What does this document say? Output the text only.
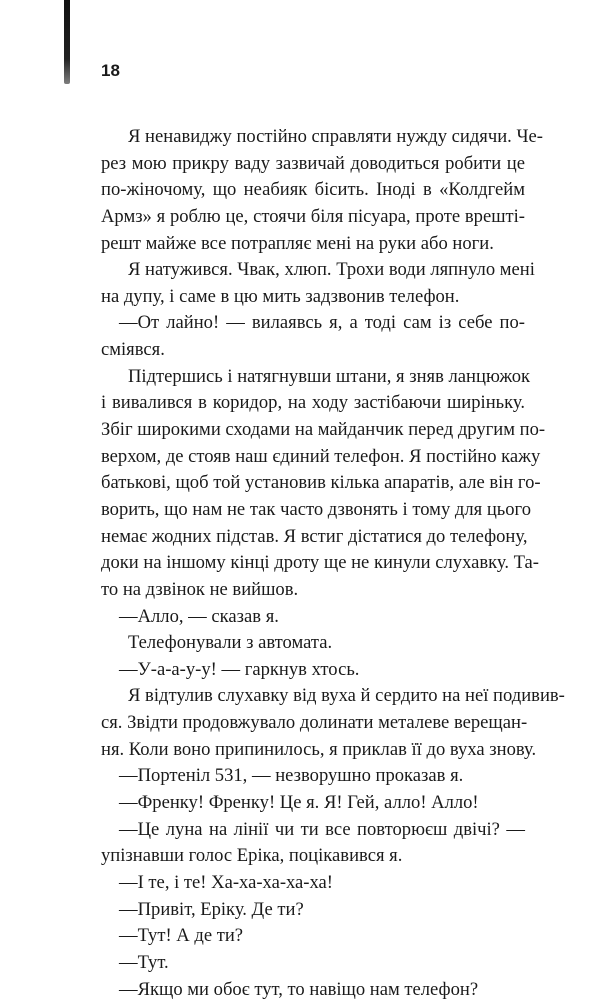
18
Я ненавиджу постійно справляти нужду сидячи. Че-
рез мою прикру ваду зазвичай доводиться робити це
по-жіночому, що неабияк бісить. Іноді в «Колдгейм
Армз» я роблю це, стоячи біля пісуара, проте врешті-
решт майже все потрапляє мені на руки або ноги.
Я натужився. Чвак, хлюп. Трохи води ляпнуло мені
на дупу, і саме в цю мить задзвонив телефон.
—От лайно! — вилаявсь я, а тоді сам із себе по-
сміявся.
Підтершись і натягнувши штани, я зняв ланцюжок
і вивалився в коридор, на ходу застібаючи ширіньку.
Збіг широкими сходами на майданчик перед другим по-
верхом, де стояв наш єдиний телефон. Я постійно кажу
батькові, щоб той установив кілька апаратів, але він го-
ворить, що нам не так часто дзвонять і тому для цього
немає жодних підстав. Я встиг дістатися до телефону,
доки на іншому кінці дроту ще не кинули слухавку. Та-
то на дзвінок не вийшов.
—Алло, — сказав я.
Телефонували з автомата.
—У-а-а-у-у! — гаркнув хтось.
Я відтулив слухавку від вуха й сердито на неї подивив-
ся. Звідти продовжувало долинати металеве верещан-
ня. Коли воно припинилось, я приклав її до вуха знову.
—Портеніл 531, — незворушно проказав я.
—Френку! Френку! Це я. Я! Гей, алло! Алло!
—Це луна на лінії чи ти все повторюєш двічі? —
упізнавши голос Еріка, поцікавився я.
—І те, і те! Ха-ха-ха-ха-ха!
—Привіт, Еріку. Де ти?
—Тут! А де ти?
—Тут.
—Якщо ми обоє тут, то навіщо нам телефон?
